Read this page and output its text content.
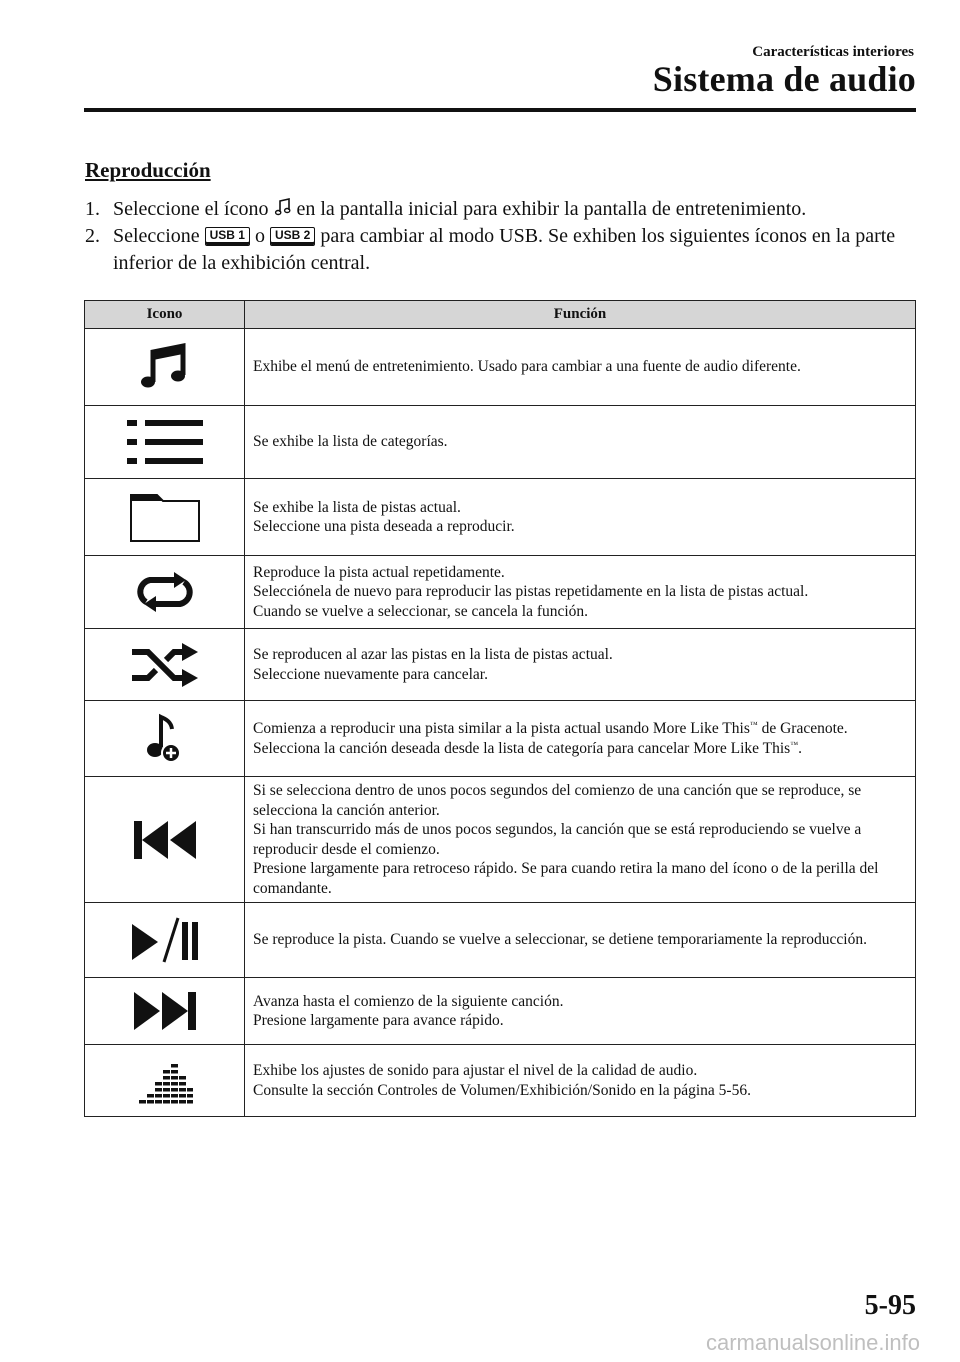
Características interiores
Sistema de audio
Reproducción
1. Seleccione el ícono en la pantalla inicial para exhibir la pantalla de entretenimiento.
2. Seleccione USB 1 o USB 2 para cambiar al modo USB. Se exhiben los siguientes íconos en la parte inferior de la exhibición central.
Icono	Función

Exhibe el menú de entretenimiento. Usado para cambiar a una fuente de audio diferente.

Se exhibe la lista de categorías.

Se exhibe la lista de pistas actual.
Seleccione una pista deseada a reproducir.

Reproduce la pista actual repetidamente.
Selecciónela de nuevo para reproducir las pistas repetidamente en la lista de pistas actual.
Cuando se vuelve a seleccionar, se cancela la función.

Se reproducen al azar las pistas en la lista de pistas actual.
Seleccione nuevamente para cancelar.

Comienza a reproducir una pista similar a la pista actual usando More Like This™ de Gracenote.
Selecciona la canción deseada desde la lista de categoría para cancelar More Like This™.

Si se selecciona dentro de unos pocos segundos del comienzo de una canción que se reproduce, se selecciona la canción anterior.
Si han transcurrido más de unos pocos segundos, la canción que se está reproduciendo se vuelve a reproducir desde el comienzo.
Presione largamente para retroceso rápido. Se para cuando retira la mano del ícono o de la perilla del comandante.

Se reproduce la pista. Cuando se vuelve a seleccionar, se detiene temporariamente la reproducción.

Avanza hasta el comienzo de la siguiente canción.
Presione largamente para avance rápido.

Exhibe los ajustes de sonido para ajustar el nivel de la calidad de audio.
Consulte la sección Controles de Volumen/Exhibición/Sonido en la página 5-56.
5-95
carmanualsonline.info
